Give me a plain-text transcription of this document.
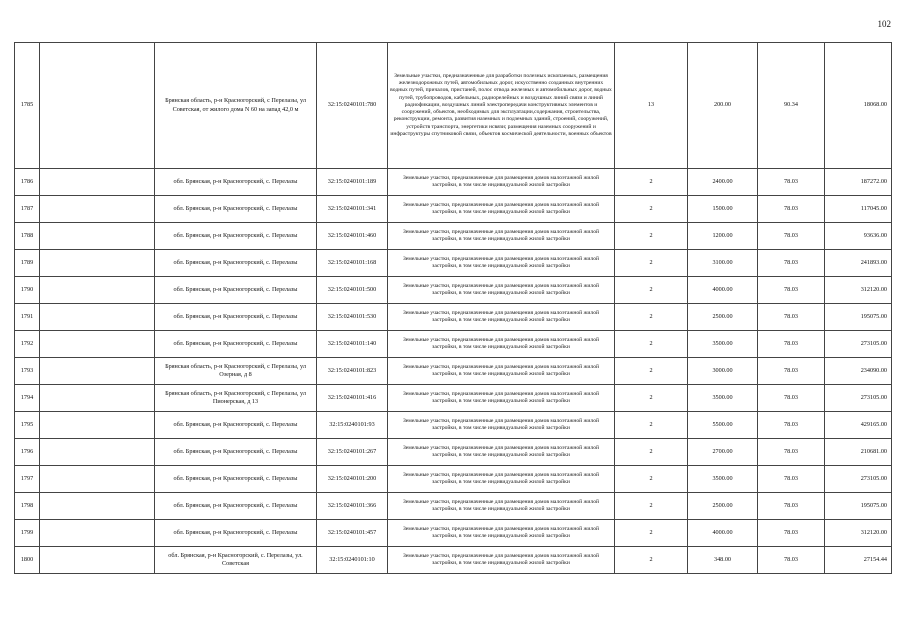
102
1785		Брянская область, р-н Красногорский, с Перелазы, ул Советская, от жилого дома N 60 на запад 42,0 м	32:15:0240101:780	Земельные участки, предназначенные для разработки полезных ископаемых, размещения железнодорожных путей, автомобильных дорог, искусственно созданных внутренних водных путей, причалов, пристаней, полос отвода железных и автомобильных дорог, водных путей, трубопроводов, кабельных, радиорелейных и воздушных линий связи и линий радиофикации, воздушных линий электропередачи конструктивных элементов и сооружений, объектов, необходимых для эксплуатации,содержания, строительства, реконструкции, ремонта, развития наземных и подземных зданий, строений, сооружений, устройств транспорта, энергетики нсвязи; размещения наземных сооружений и инфраструктуры спутниковой связи, объектов космической деятельности, военных объектов	13	200.00	90.34	18068.00
1786		обл. Брянская, р-н Красногорский, с. Перелазы	32:15:0240101:189	Земельные участки, предназначенные для размещения домов малоэтажной жилой застройки, в том числе индивидуальной жилой застройки	2	2400.00	78.03	187272.00
1787		обл. Брянская, р-н Красногорский, с. Перелазы	32:15:0240101:341	Земельные участки, предназначенные для размещения домов малоэтажной жилой застройки, в том числе индивидуальной жилой застройки	2	1500.00	78.03	117045.00
1788		обл. Брянская, р-н Красногорский, с. Перелазы	32:15:0240101:460	Земельные участки, предназначенные для размещения домов малоэтажной жилой застройки, в том числе индивидуальной жилой застройки	2	1200.00	78.03	93636.00
1789		обл. Брянская, р-н Красногорский, с. Перелазы	32:15:0240101:168	Земельные участки, предназначенные для размещения домов малоэтажной жилой застройки, в том числе индивидуальной жилой застройки	2	3100.00	78.03	241893.00
1790		обл. Брянская, р-н Красногорский, с. Перелазы	32:15:0240101:500	Земельные участки, предназначенные для размещения домов малоэтажной жилой застройки, в том числе индивидуальной жилой застройки	2	4000.00	78.03	312120.00
1791		обл. Брянская, р-н Красногорский, с. Перелазы	32:15:0240101:530	Земельные участки, предназначенные для размещения домов малоэтажной жилой застройки, в том числе индивидуальной жилой застройки	2	2500.00	78.03	195075.00
1792		обл. Брянская, р-н Красногорский, с. Перелазы	32:15:0240101:140	Земельные участки, предназначенные для размещения домов малоэтажной жилой застройки, в том числе индивидуальной жилой застройки	2	3500.00	78.03	273105.00
1793		Брянская область, р-н Красногорский, с Перелазы, ул Озерная, д 8	32:15:0240101:823	Земельные участки, предназначенные для размещения домов малоэтажной жилой застройки, в том числе индивидуальной жилой застройки	2	3000.00	78.03	234090.00
1794		Брянская область, р-н Красногорский, с Перелазы, ул Пионерская, д 13	32:15:0240101:416	Земельные участки, предназначенные для размещения домов малоэтажной жилой застройки, в том числе индивидуальной жилой застройки	2	3500.00	78.03	273105.00
1795		обл. Брянская, р-н Красногорский, с. Перелазы	32:15:0240101:93	Земельные участки, предназначенные для размещения домов малоэтажной жилой застройки, в том числе индивидуальной жилой застройки	2	5500.00	78.03	429165.00
1796		обл. Брянская, р-н Красногорский, с. Перелазы	32:15:0240101:267	Земельные участки, предназначенные для размещения домов малоэтажной жилой застройки, в том числе индивидуальной жилой застройки	2	2700.00	78.03	210681.00
1797		обл. Брянская, р-н Красногорский, с. Перелазы	32:15:0240101:200	Земельные участки, предназначенные для размещения домов малоэтажной жилой застройки, в том числе индивидуальной жилой застройки	2	3500.00	78.03	273105.00
1798		обл. Брянская, р-н Красногорский, с. Перелазы	32:15:0240101:366	Земельные участки, предназначенные для размещения домов малоэтажной жилой застройки, в том числе индивидуальной жилой застройки	2	2500.00	78.03	195075.00
1799		обл. Брянская, р-н Красногорский, с. Перелазы	32:15:0240101:457	Земельные участки, предназначенные для размещения домов малоэтажной жилой застройки, в том числе индивидуальной жилой застройки	2	4000.00	78.03	312120.00
1800		обл. Брянская, р-н Красногорский, с. Перелазы, ул. Советская	32:15:0240101:10	Земельные участки, предназначенные для размещения домов малоэтажной жилой застройки, в том числе индивидуальной жилой застройки	2	348.00	78.03	27154.44
